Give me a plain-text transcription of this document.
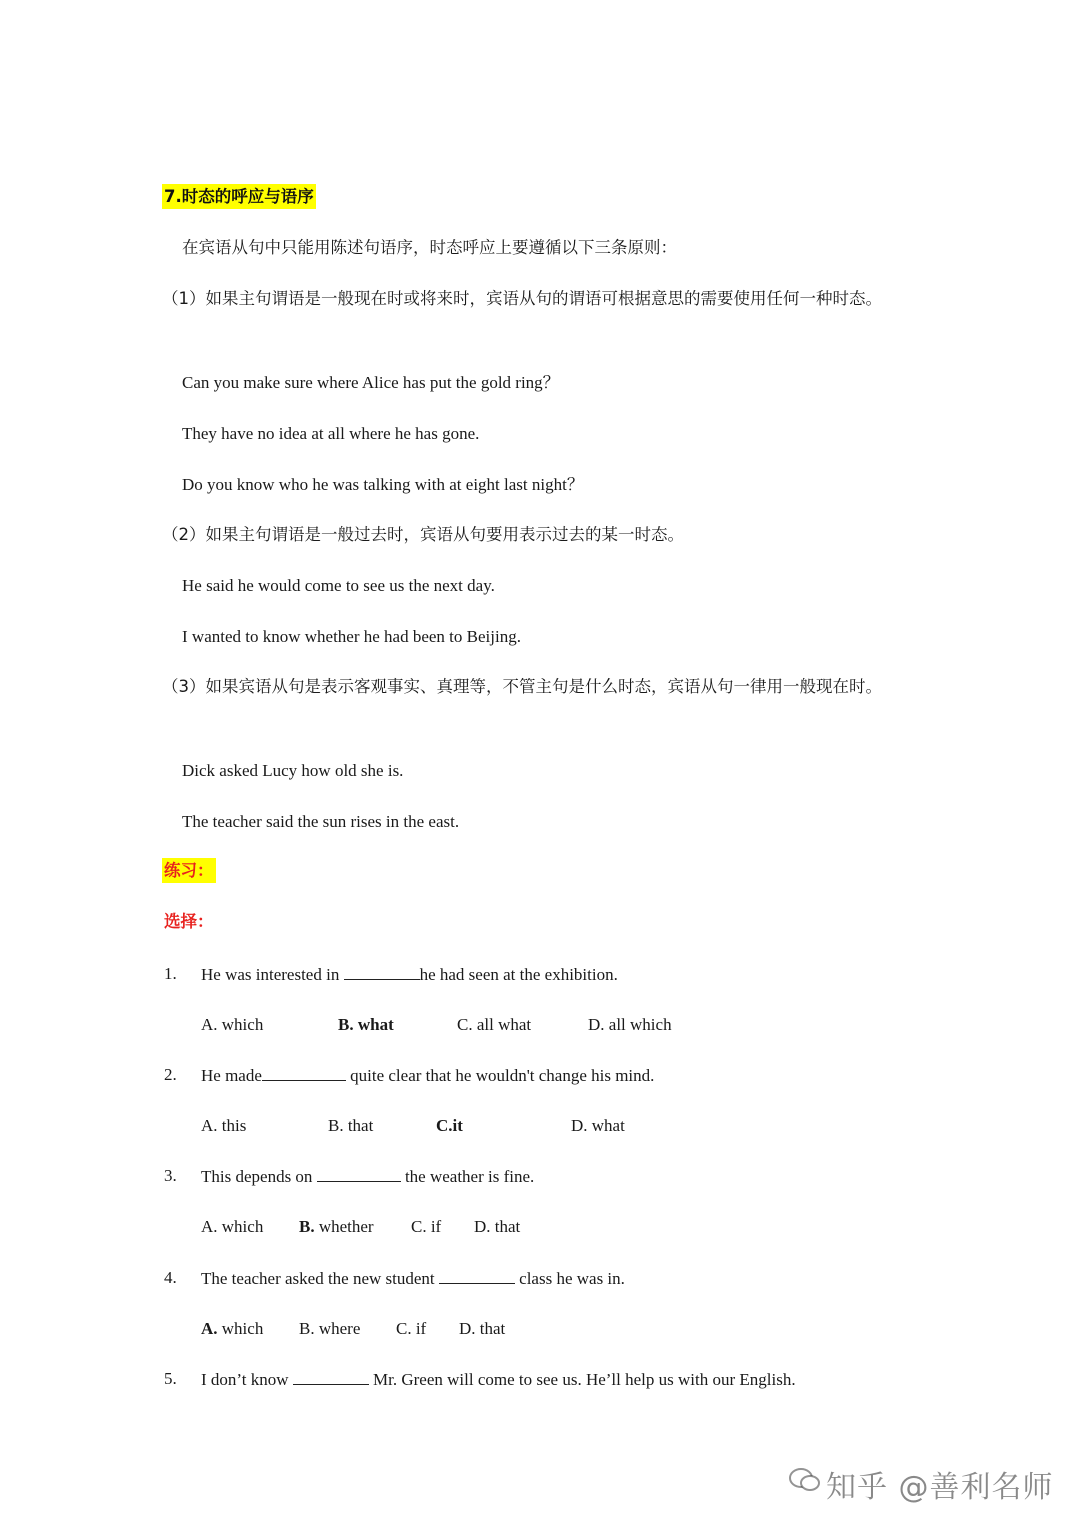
7.时态的呼应与语序
在宾语从句中只能用陈述句语序，时态呼应上要遵循以下三条原则：
（1）如果主句谓语是一般现在时或将来时，宾语从句的谓语可根据意思的需要使用任何一种时态。
Can you make sure where Alice has put the gold ring？
They have no idea at all where he has gone.
Do you know who he was talking with at eight last night？
（2）如果主句谓语是一般过去时，宾语从句要用表示过去的某一时态。
He said he would come to see us the next day.
I wanted to know whether he had been to Beijing.
（3）如果宾语从句是表示客观事实、真理等，不管主句是什么时态，宾语从句一律用一般现在时。
Dick asked Lucy how old she is.
The teacher said the sun rises in the east.
练习：
选择：
1. He was interested in	he had seen at the exhibition.
A. which	B. what	C. all what	D. all which
2. He made	quite clear that he wouldn't change his mind.
A. this	B. that	C.it	D. what
3. This depends on	the weather is fine.
A. which B. whether C. if D. that
4. The teacher asked the new student	class he was in.
A. which B. where C. if D. that
5. I don’t know	Mr. Green will come to see us. He’ll help us with our English.
知乎 @善利名师
